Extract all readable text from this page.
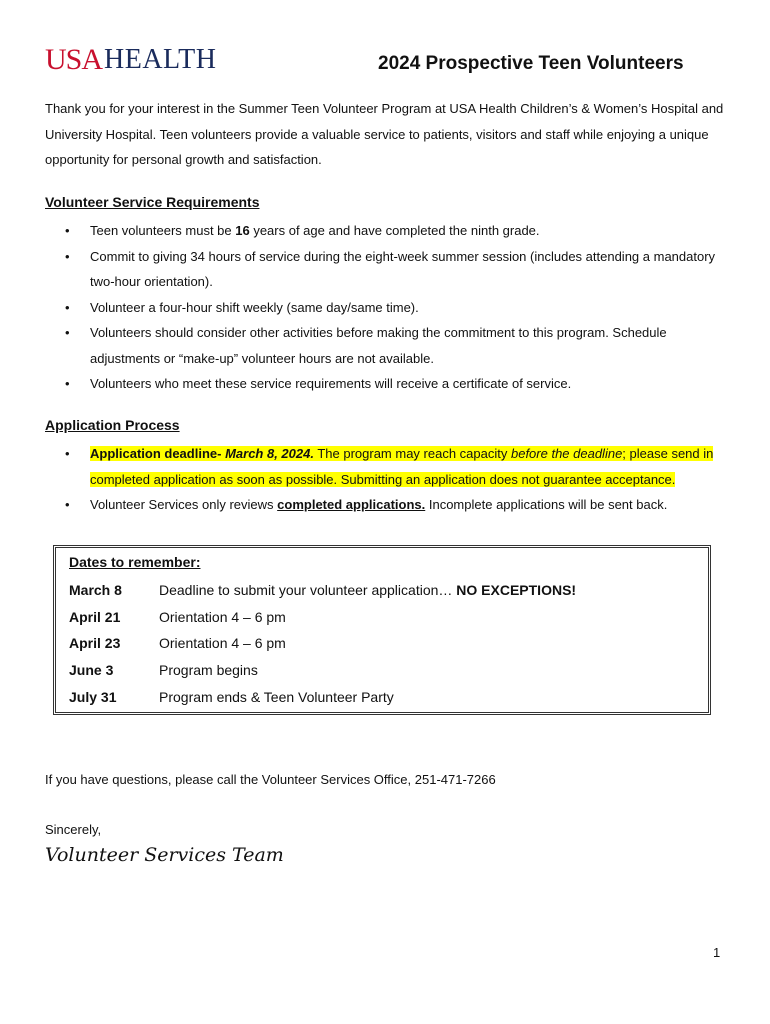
USA HEALTH	2024 Prospective Teen Volunteers
Thank you for your interest in the Summer Teen Volunteer Program at USA Health Children’s & Women’s Hospital and University Hospital. Teen volunteers provide a valuable service to patients, visitors and staff while enjoying a unique opportunity for personal growth and satisfaction.
Volunteer Service Requirements
• Teen volunteers must be 16 years of age and have completed the ninth grade.
• Commit to giving 34 hours of service during the eight-week summer session (includes attending a mandatory two-hour orientation).
• Volunteer a four-hour shift weekly (same day/same time).
• Volunteers should consider other activities before making the commitment to this program. Schedule adjustments or “make-up” volunteer hours are not available.
• Volunteers who meet these service requirements will receive a certificate of service.
Application Process
• Application deadline- March 8, 2024. The program may reach capacity before the deadline; please send in completed application as soon as possible. Submitting an application does not guarantee acceptance.
• Volunteer Services only reviews completed applications. Incomplete applications will be sent back.
Dates to remember:
March 8	Deadline to submit your volunteer application… NO EXCEPTIONS!
April 21	Orientation 4 – 6 pm
April 23	Orientation 4 – 6 pm
June 3	Program begins
July 31	Program ends & Teen Volunteer Party
If you have questions, please call the Volunteer Services Office, 251-471-7266
Sincerely,
Volunteer Services Team
1
